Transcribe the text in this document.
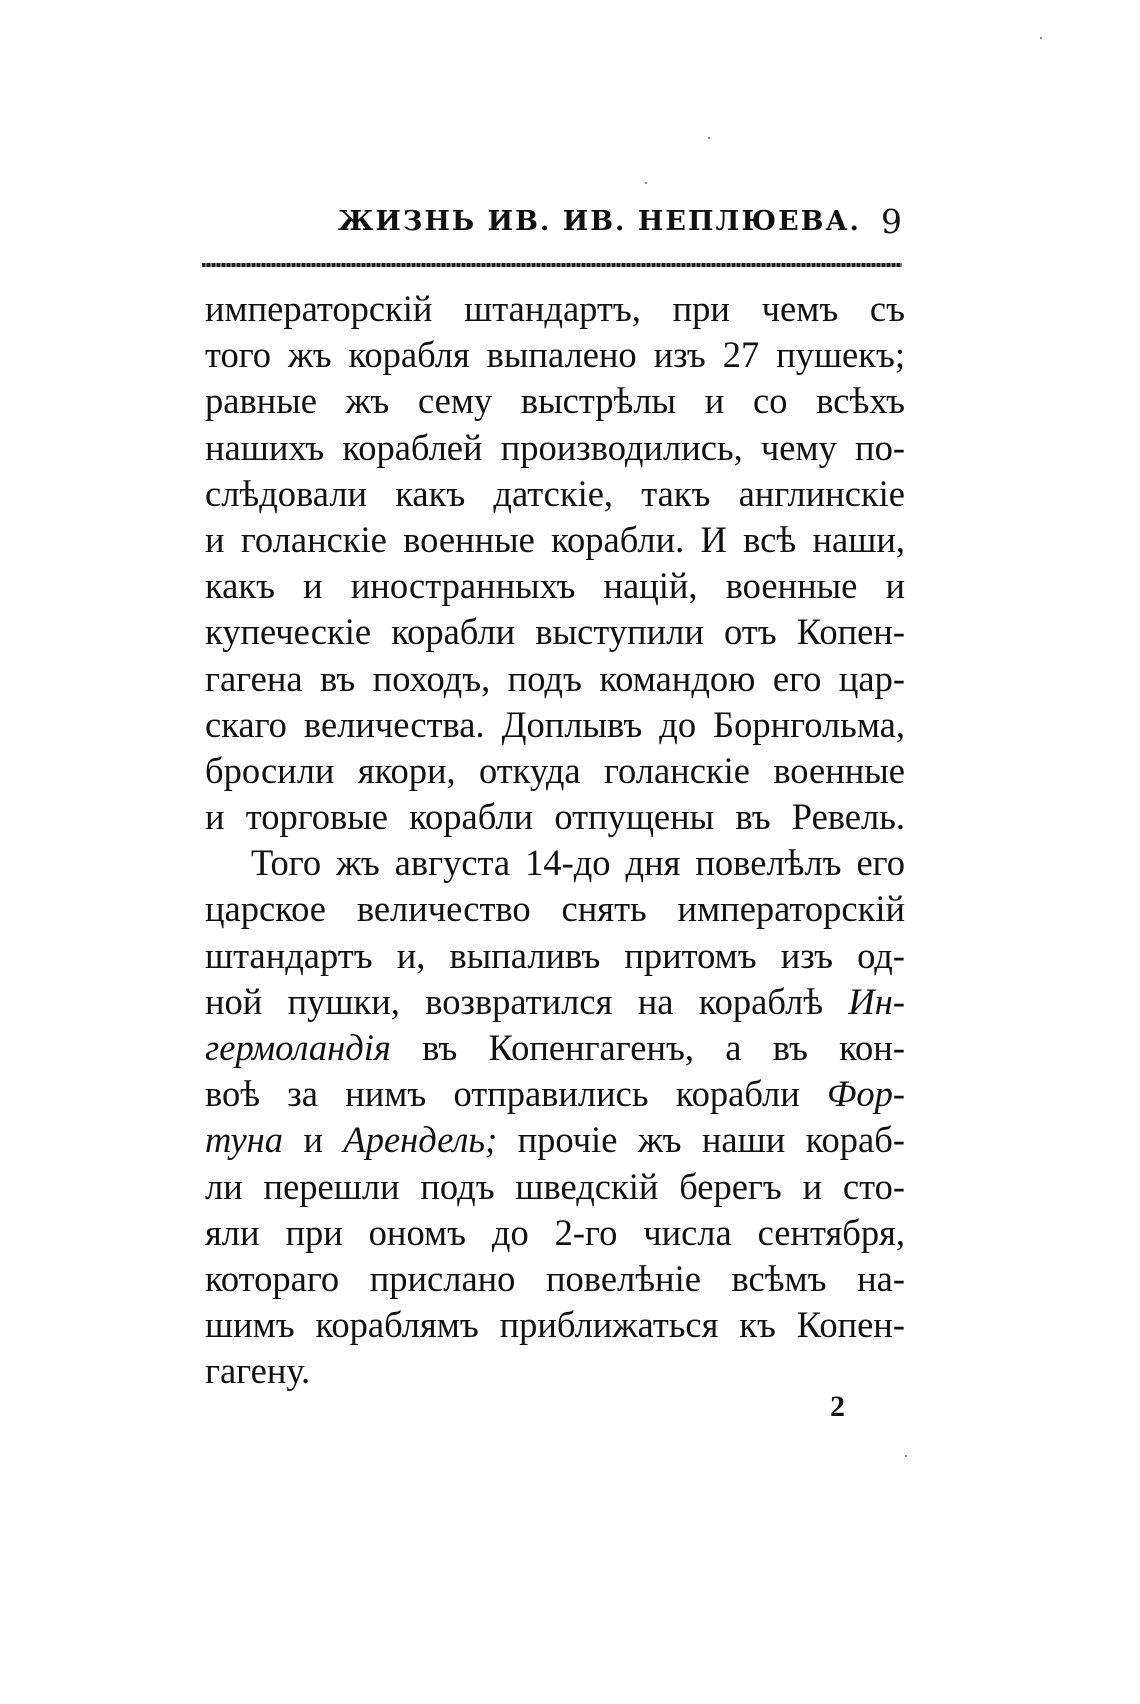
ЖИЗНЬ ИВ. ИВ. НЕПЛЮЕВА. 9
императорскій штандартъ, при чемъ съ
того жъ корабля выпалено изъ 27 пушекъ;
равные жъ сему выстрѣлы и со всѣхъ
нашихъ кораблей производились, чему по-
слѣдовали какъ датскіе, такъ англинскіе
и голанскіе военные корабли. И всѣ наши,
какъ и иностранныхъ націй, военные и
купеческіе корабли выступили отъ Копен-
гагена въ походъ, подъ командою его цар-
скаго величества. Доплывъ до Борнгольма,
бросили якори, откуда голанскіе военные
и торговые корабли отпущены въ Ревель.
Того жъ августа 14-до дня повелѣлъ его
царское величество снять императорскій
штандартъ и, выпаливъ притомъ изъ од-
ной пушки, возвратился на кораблѣ Ин-
гермоландія въ Копенгагенъ, а въ кон-
воѣ за нимъ отправились корабли Фор-
туна и Арендель; прочіе жъ наши кораб-
ли перешли подъ шведскій берегъ и сто-
яли при ономъ до 2-го числа сентября,
котораго прислано повелѣніе всѣмъ на-
шимъ кораблямъ приближаться къ Копен-
гагену.
2
